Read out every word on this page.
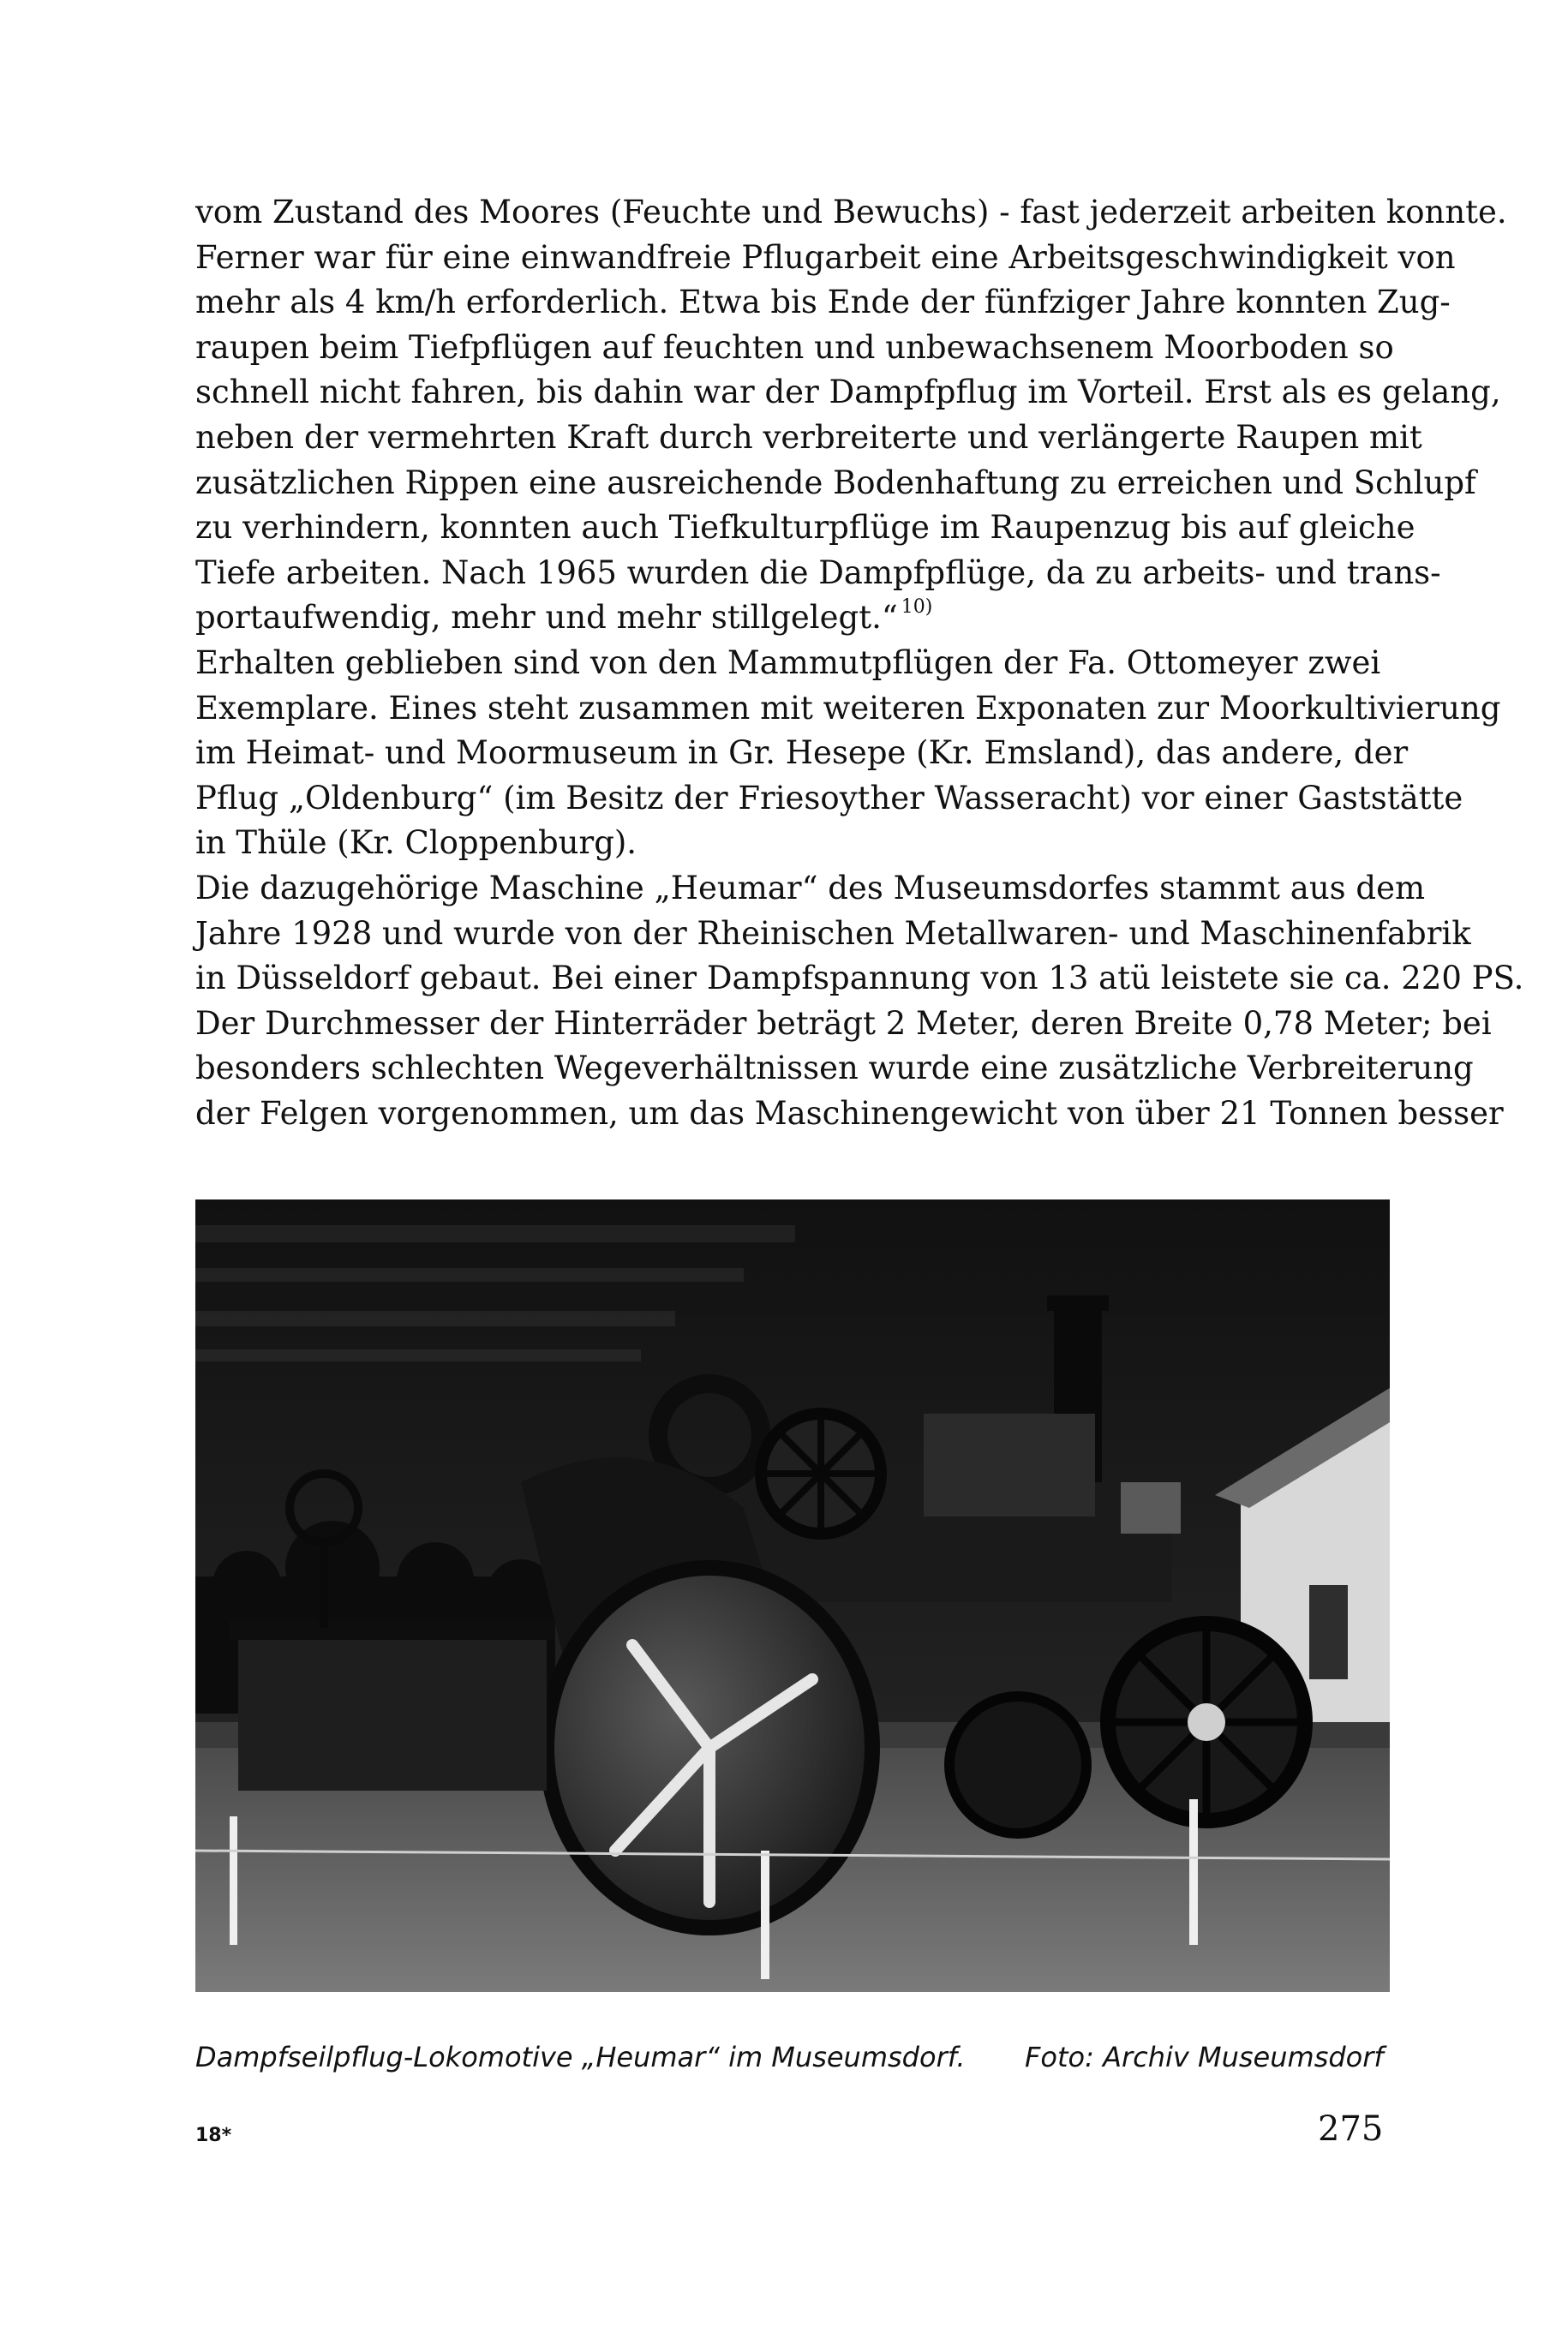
vom Zustand des Moores (Feuchte und Bewuchs) - fast jederzeit arbeiten konnte.
Ferner war für eine einwandfreie Pflugarbeit eine Arbeitsgeschwindigkeit von
mehr als 4 km/h erforderlich. Etwa bis Ende der fünfziger Jahre konnten Zug-
raupen beim Tiefpflügen auf feuchten und unbewachsenem Moorboden so
schnell nicht fahren, bis dahin war der Dampfpflug im Vorteil. Erst als es gelang,
neben der vermehrten Kraft durch verbreiterte und verlängerte Raupen mit
zusätzlichen Rippen eine ausreichende Bodenhaftung zu erreichen und Schlupf
zu verhindern, konnten auch Tiefkulturpflüge im Raupenzug bis auf gleiche
Tiefe arbeiten. Nach 1965 wurden die Dampfpflüge, da zu arbeits- und trans-
portaufwendig, mehr und mehr stillgelegt.“ $^{10)}$
Erhalten geblieben sind von den Mammutpflügen der Fa. Ottomeyer zwei
Exemplare. Eines steht zusammen mit weiteren Exponaten zur Moorkultivierung
im Heimat- und Moormuseum in Gr. Hesepe (Kr. Emsland), das andere, der
Pflug „Oldenburg“ (im Besitz der Friesoyther Wasseracht) vor einer Gaststätte
in Thüle (Kr. Cloppenburg).
Die dazugehörige Maschine „Heumar“ des Museumsdorfes stammt aus dem
Jahre 1928 und wurde von der Rheinischen Metallwaren- und Maschinenfabrik
in Düsseldorf gebaut. Bei einer Dampfspannung von 13 atü leistete sie ca. 220 PS.
Der Durchmesser der Hinterräder beträgt 2 Meter, deren Breite 0,78 Meter; bei
besonders schlechten Wegeverhältnissen wurde eine zusätzliche Verbreiterung
der Felgen vorgenommen, um das Maschinengewicht von über 21 Tonnen besser
Dampfseilpflug-Lokomotive „Heumar“ im Museumsdorf. Foto: Archiv Museumsdorf
18*	275
